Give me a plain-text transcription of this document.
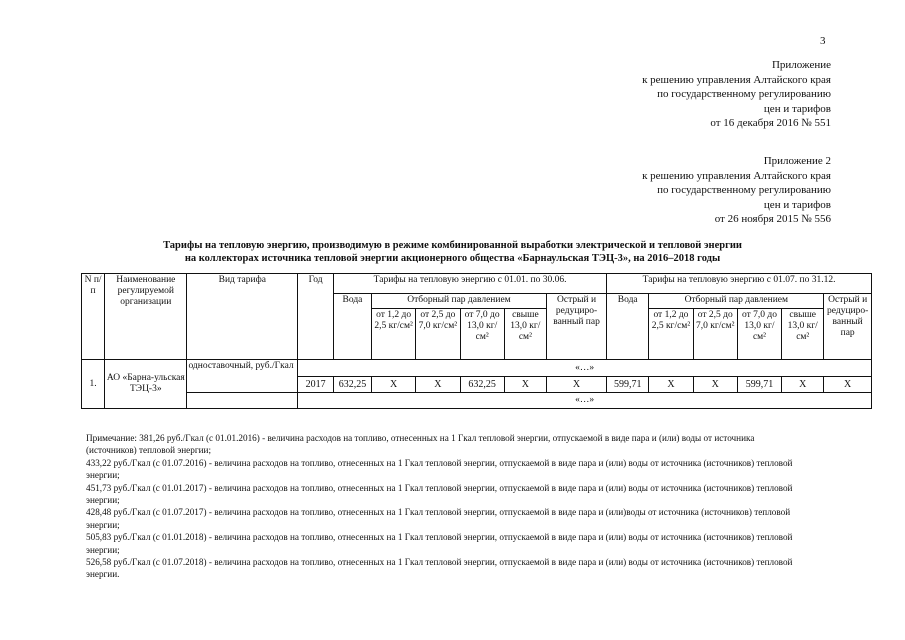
3
Приложение
к решению управления Алтайского края
по государственному регулированию
цен и тарифов
от 16 декабря 2016 № 551
Приложение 2
к решению управления Алтайского края
по государственному регулированию
цен и тарифов
от 26 ноября 2015 № 556
Тарифы на тепловую энергию, производимую в режиме комбинированной выработки электрической и тепловой энергии
на коллекторах источника тепловой энергии акционерного общества «Барнаульская ТЭЦ-3», на 2016–2018 годы
N п/п	Наименование регулируемой организации	Вид тарифа	Год	Тарифы на тепловую энергию с 01.01. по 30.06.						Тарифы на тепловую энергию с 01.07. по 31.12.					
				Вода	Отборный пар давлением				Острый и редуциро-ванный пар	Вода	Отборный пар давлением				Острый и редуциро-ванный пар
					от 1,2 до 2,5 кг/см²	от 2,5 до 7,0 кг/см²	от 7,0 до 13,0 кг/см²	свыше 13,0 кг/см²			от 1,2 до 2,5 кг/см²	от 2,5 до 7,0 кг/см²	от 7,0 до 13,0 кг/см²	свыше 13,0 кг/см²	
1.	АО «Барна-ульская ТЭЦ-3»	одноставочный, руб./Гкал	«…»												
			2017	632,25	Х	Х	632,25	Х	Х	599,71	Х	Х	599,71	Х	Х
			«…»												

Примечание: 381,26 руб./Гкал (с 01.01.2016) - величина расходов на топливо, отнесенных на 1 Гкал тепловой энергии, отпускаемой в виде пара и (или) воды от источника (источников) тепловой энергии;

433,22 руб./Гкал (с 01.07.2016) - величина расходов на топливо, отнесенных на 1 Гкал тепловой энергии, отпускаемой в виде пара и (или) воды от источника (источников) тепловой энергии;

451,73 руб./Гкал (с 01.01.2017) - величина расходов на топливо, отнесенных на 1 Гкал тепловой энергии, отпускаемой в виде пара и (или) воды от источника (источников) тепловой энергии;

428,48 руб./Гкал (с 01.07.2017) - величина расходов на топливо, отнесенных на 1 Гкал тепловой энергии, отпускаемой в виде пара и (или)воды от источника (источников) тепловой энергии;

505,83 руб./Гкал (с 01.01.2018) - величина расходов на топливо, отнесенных на 1 Гкал тепловой энергии, отпускаемой в виде пара и (или) воды от источника (источников) тепловой энергии;

526,58 руб./Гкал (с 01.07.2018) - величина расходов на топливо, отнесенных на 1 Гкал тепловой энергии, отпускаемой в виде пара и (или) воды от источника (источников) тепловой энергии.
